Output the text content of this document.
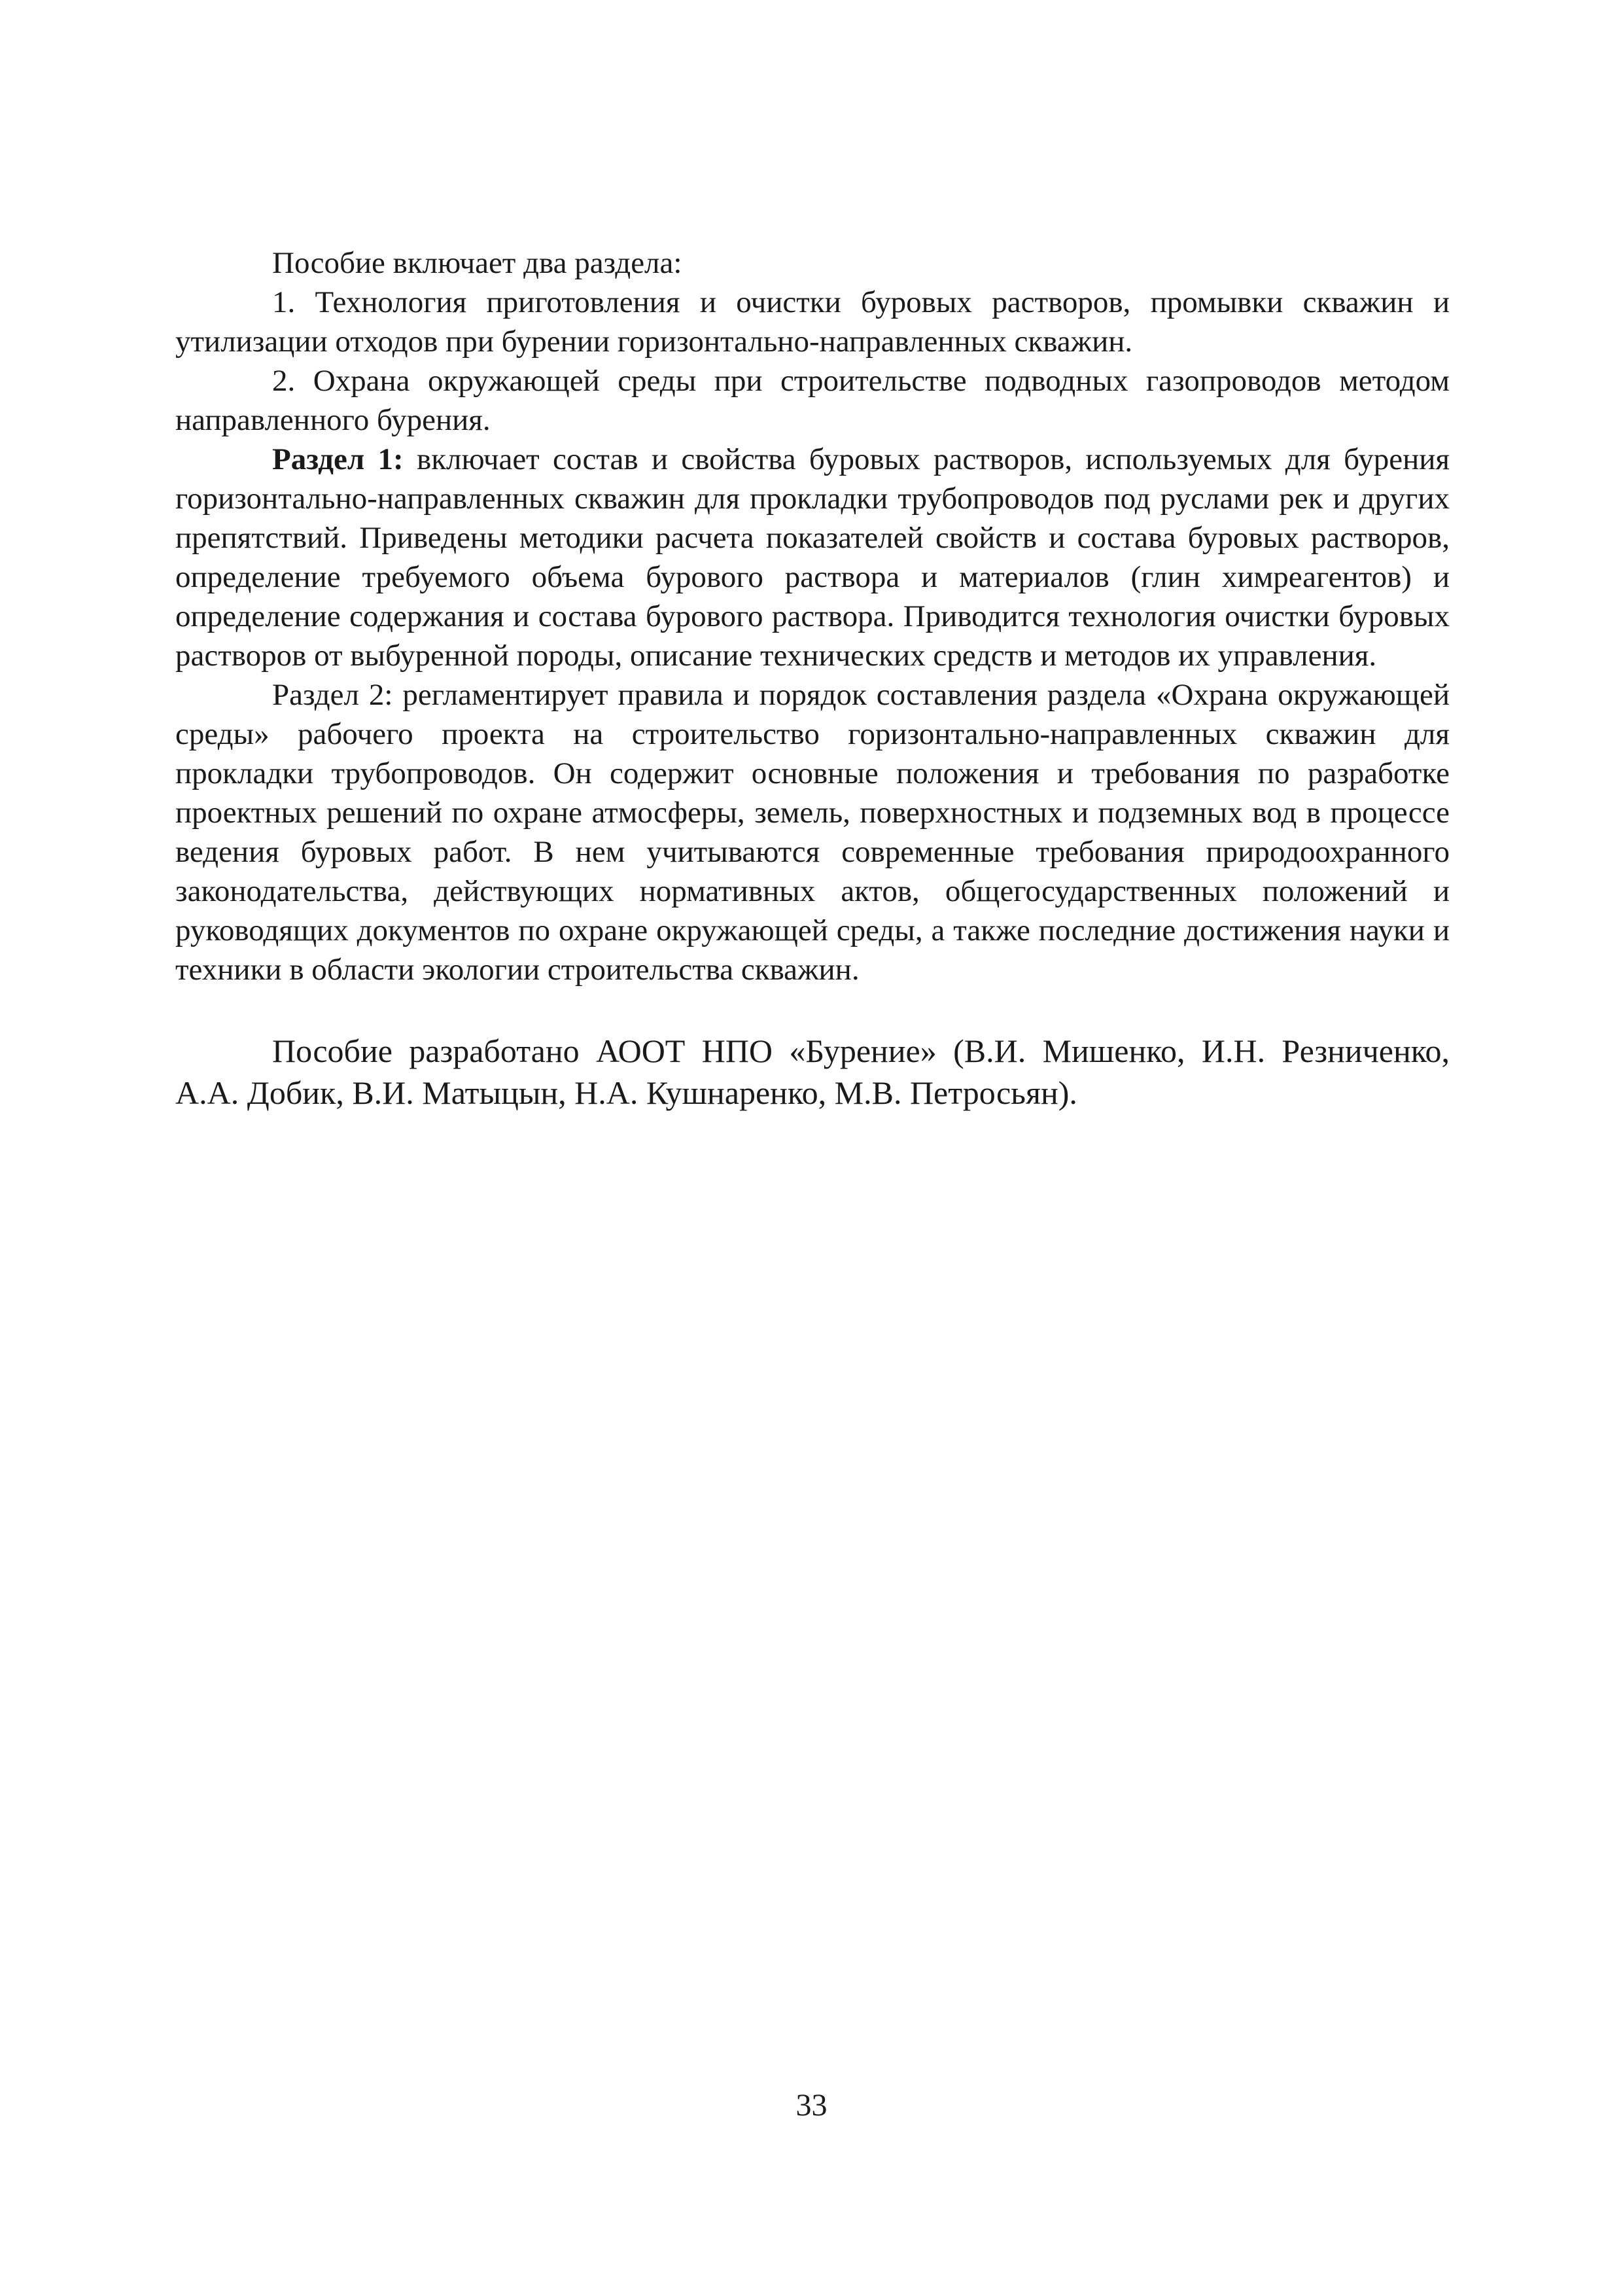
Пособие включает два раздела:

1. Технология приготовления и очистки буровых растворов, промывки скважин и утилизации отходов при бурении горизонтально-направленных скважин.

2. Охрана окружающей среды при строительстве подводных газопроводов методом направленного бурения.

Раздел 1: включает состав и свойства буровых растворов, используемых для бурения горизонтально-направленных скважин для прокладки трубопроводов под руслами рек и других препятствий. Приведены методики расчета показателей свойств и состава буровых растворов, определение требуемого объема бурового раствора и материалов (глин химреагентов) и определение содержания и состава бурового раствора. Приводится технология очистки буровых растворов от выбуренной породы, описание технических средств и методов их управления.

Раздел 2: регламентирует правила и порядок составления раздела «Охрана окружающей среды» рабочего проекта на строительство горизонтально-направленных скважин для прокладки трубопроводов. Он содержит основные положения и требования по разработке проектных решений по охране атмосферы, земель, поверхностных и подземных вод в процессе ведения буровых работ. В нем учитываются современные требования природоохранного законодательства, действующих нормативных актов, общегосударственных положений и руководящих документов по охране окружающей среды, а также последние достижения науки и техники в области экологии строительства скважин.

Пособие разработано АООТ НПО «Бурение» (В.И. Мишенко, И.Н. Резниченко, А.А. Добик, В.И. Матыцын, Н.А. Кушнаренко, М.В. Петросьян).

33
